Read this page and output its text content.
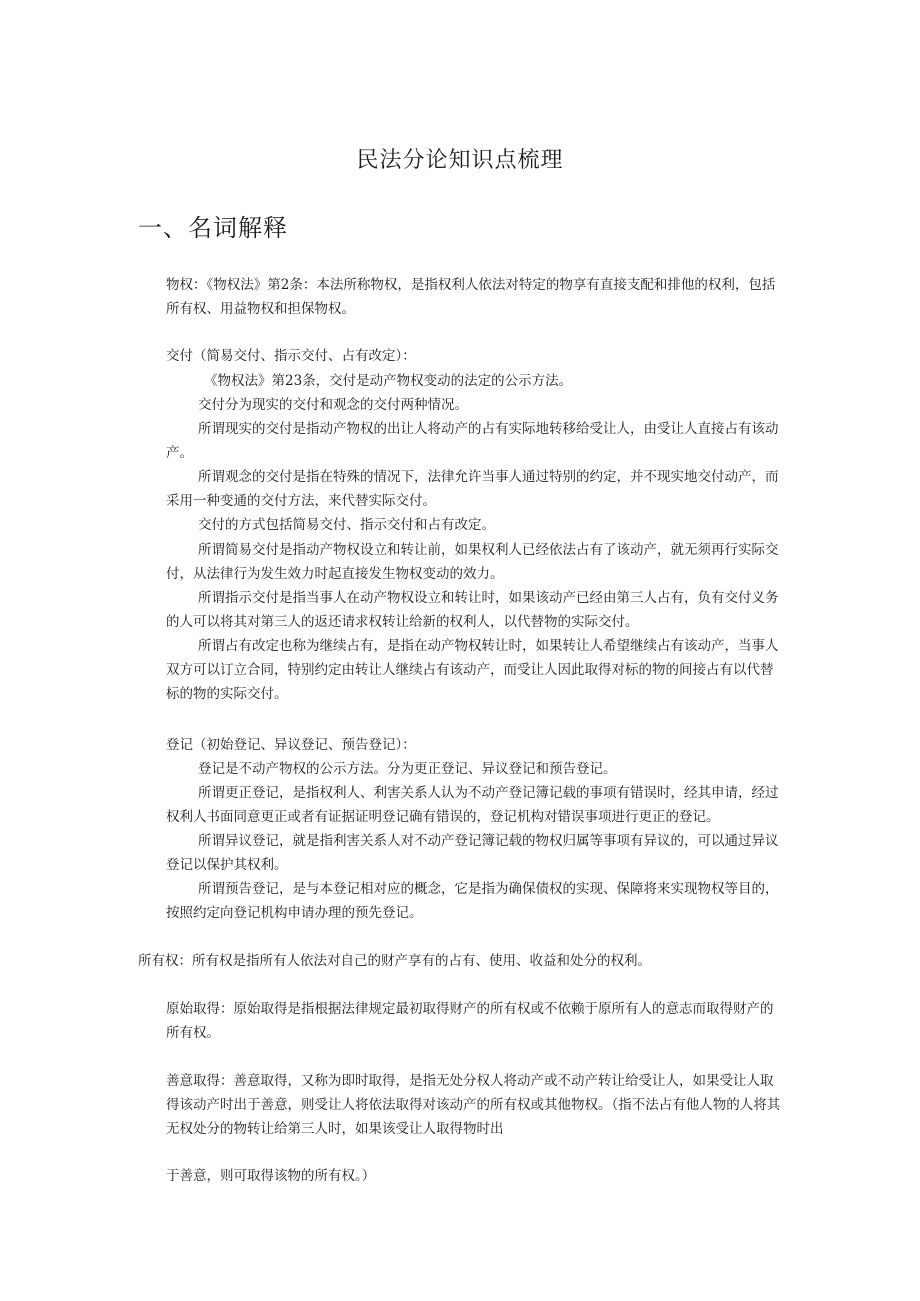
民法分论知识点梳理
一、名词解释

物权：《物权法》第2条：本法所称物权，是指权利人依法对特定的物享有直接支配和排他的权利，包括所有权、用益物权和担保物权。

交付（简易交付、指示交付、占有改定）：

《物权法》第23条，交付是动产物权变动的法定的公示方法。

交付分为现实的交付和观念的交付两种情况。

所谓现实的交付是指动产物权的出让人将动产的占有实际地转移给受让人，由受让人直接占有该动产。

所谓观念的交付是指在特殊的情况下，法律允许当事人通过特别的约定，并不现实地交付动产，而采用一种变通的交付方法，来代替实际交付。

交付的方式包括简易交付、指示交付和占有改定。

所谓简易交付是指动产物权设立和转让前，如果权利人已经依法占有了该动产，就无须再行实际交付，从法律行为发生效力时起直接发生物权变动的效力。

所谓指示交付是指当事人在动产物权设立和转让时，如果该动产已经由第三人占有，负有交付义务的人可以将其对第三人的返还请求权转让给新的权利人，以代替物的实际交付。

所谓占有改定也称为继续占有，是指在动产物权转让时，如果转让人希望继续占有该动产，当事人双方可以订立合同，特别约定由转让人继续占有该动产，而受让人因此取得对标的物的间接占有以代替标的物的实际交付。

登记（初始登记、异议登记、预告登记）：

登记是不动产物权的公示方法。分为更正登记、异议登记和预告登记。

所谓更正登记，是指权利人、利害关系人认为不动产登记簿记载的事项有错误时，经其申请，经过权利人书面同意更正或者有证据证明登记确有错误的，登记机构对错误事项进行更正的登记。

所谓异议登记，就是指利害关系人对不动产登记簿记载的物权归属等事项有异议的，可以通过异议登记以保护其权利。

所谓预告登记，是与本登记相对应的概念，它是指为确保债权的实现、保障将来实现物权等目的，按照约定向登记机构申请办理的预先登记。

所有权：所有权是指所有人依法对自己的财产享有的占有、使用、收益和处分的权利。

原始取得：原始取得是指根据法律规定最初取得财产的所有权或不依赖于原所有人的意志而取得财产的所有权。

善意取得：善意取得，又称为即时取得，是指无处分权人将动产或不动产转让给受让人，如果受让人取得该动产时出于善意，则受让人将依法取得对该动产的所有权或其他物权。（指不法占有他人物的人将其无权处分的物转让给第三人时，如果该受让人取得物时出

于善意，则可取得该物的所有权。）
